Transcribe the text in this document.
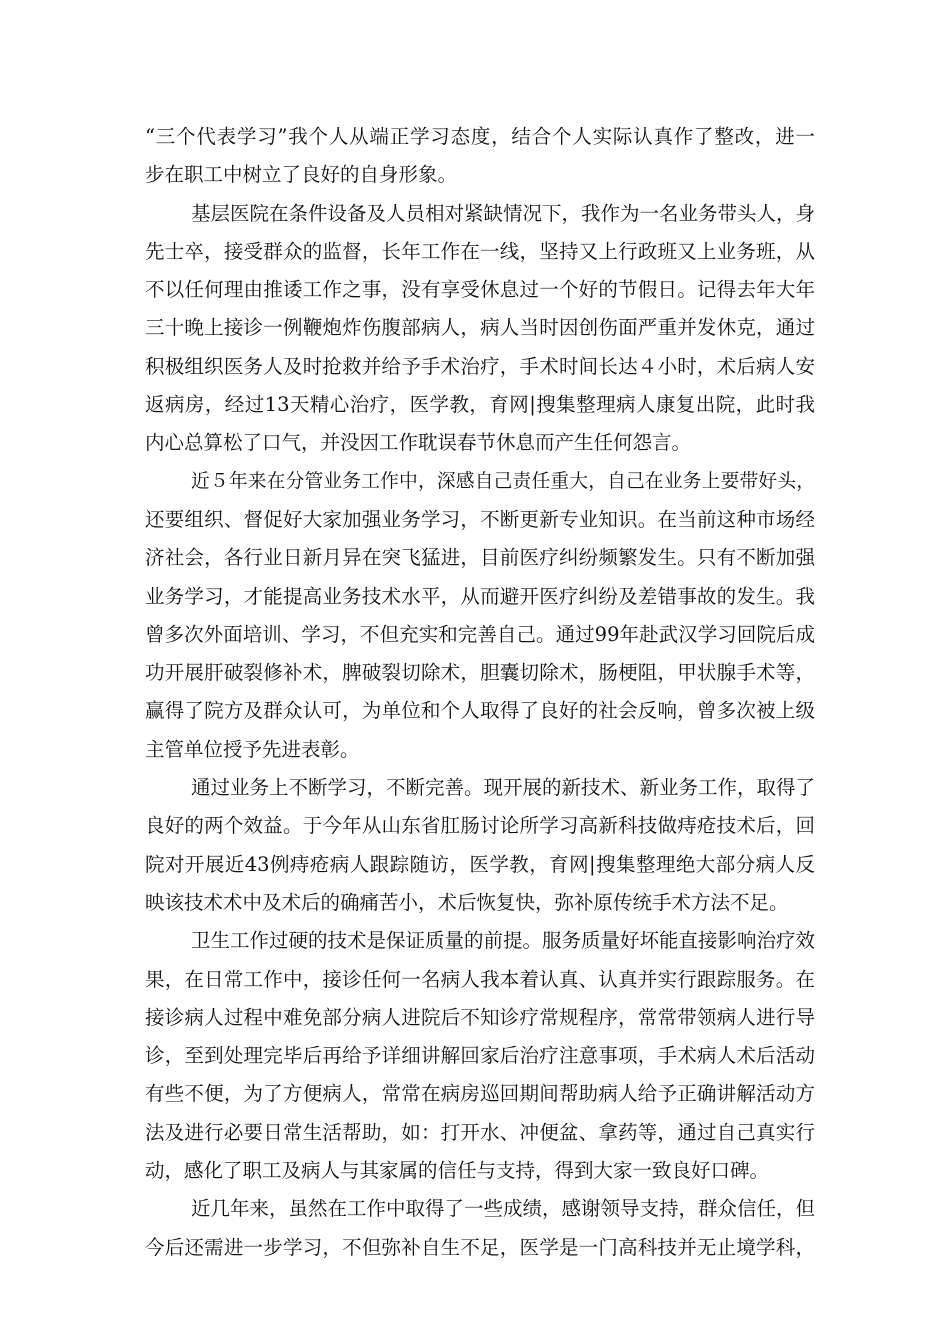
“三个代表学习”我个人从端正学习态度，结合个人实际认真作了整改，进一
步在职工中树立了良好的自身形象。
基层医院在条件设备及人员相对紧缺情况下，我作为一名业务带头人，身
先士卒，接受群众的监督，长年工作在一线，坚持又上行政班又上业务班，从
不以任何理由推诿工作之事，没有享受休息过一个好的节假日。记得去年大年
三十晚上接诊一例鞭炮炸伤腹部病人，病人当时因创伤面严重并发休克，通过
积极组织医务人及时抢救并给予手术治疗，手术时间长达４小时，术后病人安
返病房，经过13天精心治疗，医学教，育网|搜集整理病人康复出院，此时我
内心总算松了口气，并没因工作耽误春节休息而产生任何怨言。
近５年来在分管业务工作中，深感自己责任重大，自己在业务上要带好头，
还要组织、督促好大家加强业务学习，不断更新专业知识。在当前这种市场经
济社会，各行业日新月异在突飞猛进，目前医疗纠纷频繁发生。只有不断加强
业务学习，才能提高业务技术水平，从而避开医疗纠纷及差错事故的发生。我
曾多次外面培训、学习，不但充实和完善自己。通过99年赴武汉学习回院后成
功开展肝破裂修补术，脾破裂切除术，胆囊切除术，肠梗阻，甲状腺手术等，
赢得了院方及群众认可，为单位和个人取得了良好的社会反响，曾多次被上级
主管单位授予先进表彰。
通过业务上不断学习，不断完善。现开展的新技术、新业务工作，取得了
良好的两个效益。于今年从山东省肛肠讨论所学习高新科技做痔疮技术后，回
院对开展近43例痔疮病人跟踪随访，医学教，育网|搜集整理绝大部分病人反
映该技术术中及术后的确痛苦小，术后恢复快，弥补原传统手术方法不足。
卫生工作过硬的技术是保证质量的前提。服务质量好坏能直接影响治疗效
果，在日常工作中，接诊任何一名病人我本着认真、认真并实行跟踪服务。在
接诊病人过程中难免部分病人进院后不知诊疗常规程序，常常带领病人进行导
诊，至到处理完毕后再给予详细讲解回家后治疗注意事项，手术病人术后活动
有些不便，为了方便病人，常常在病房巡回期间帮助病人给予正确讲解活动方
法及进行必要日常生活帮助，如：打开水、冲便盆、拿药等，通过自己真实行
动，感化了职工及病人与其家属的信任与支持，得到大家一致良好口碑。
近几年来，虽然在工作中取得了一些成绩，感谢领导支持，群众信任，但
今后还需进一步学习，不但弥补自生不足，医学是一门高科技并无止境学科，
